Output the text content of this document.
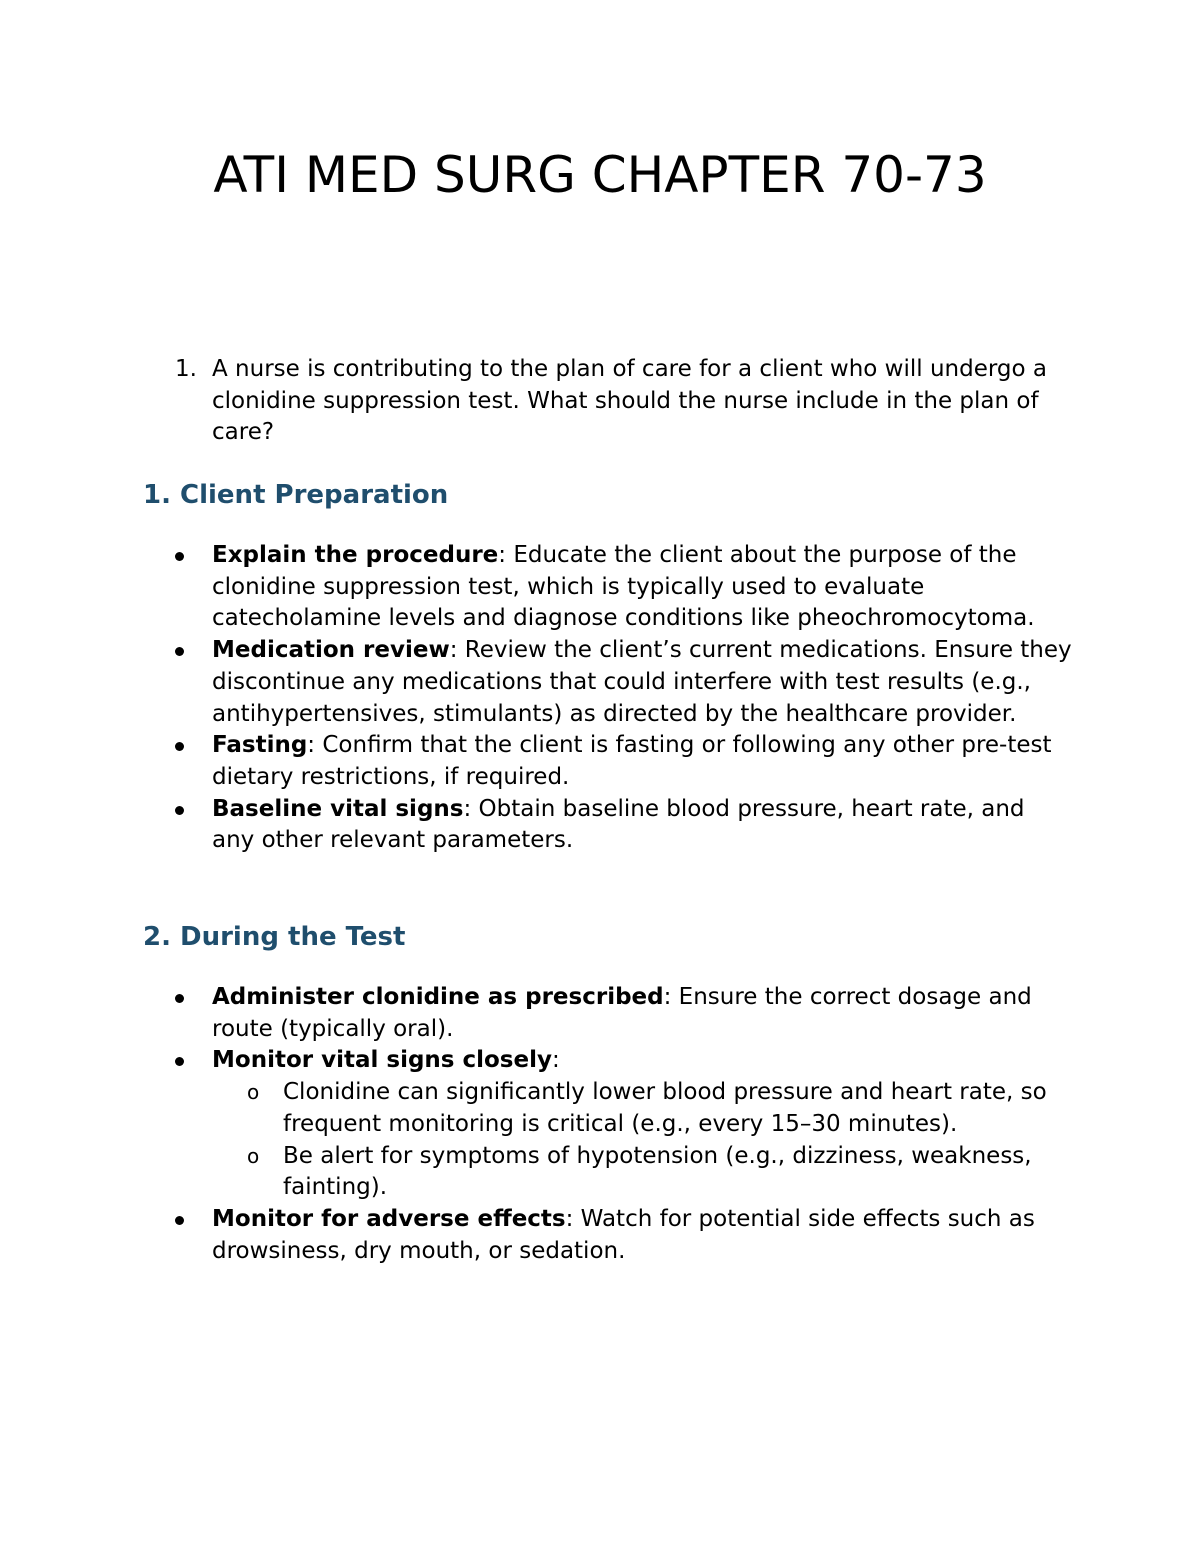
ATI MED SURG CHAPTER 70-73
1. A nurse is contributing to the plan of care for a client who will undergo a clonidine suppression test. What should the nurse include in the plan of care?
1. Client Preparation
Explain the procedure: Educate the client about the purpose of the clonidine suppression test, which is typically used to evaluate catecholamine levels and diagnose conditions like pheochromocytoma.
Medication review: Review the client’s current medications. Ensure they discontinue any medications that could interfere with test results (e.g., antihypertensives, stimulants) as directed by the healthcare provider.
Fasting: Confirm that the client is fasting or following any other pre-test dietary restrictions, if required.
Baseline vital signs: Obtain baseline blood pressure, heart rate, and any other relevant parameters.
2. During the Test
Administer clonidine as prescribed: Ensure the correct dosage and route (typically oral).
Monitor vital signs closely:
o Clonidine can significantly lower blood pressure and heart rate, so frequent monitoring is critical (e.g., every 15–30 minutes).
o Be alert for symptoms of hypotension (e.g., dizziness, weakness, fainting).
Monitor for adverse effects: Watch for potential side effects such as drowsiness, dry mouth, or sedation.
